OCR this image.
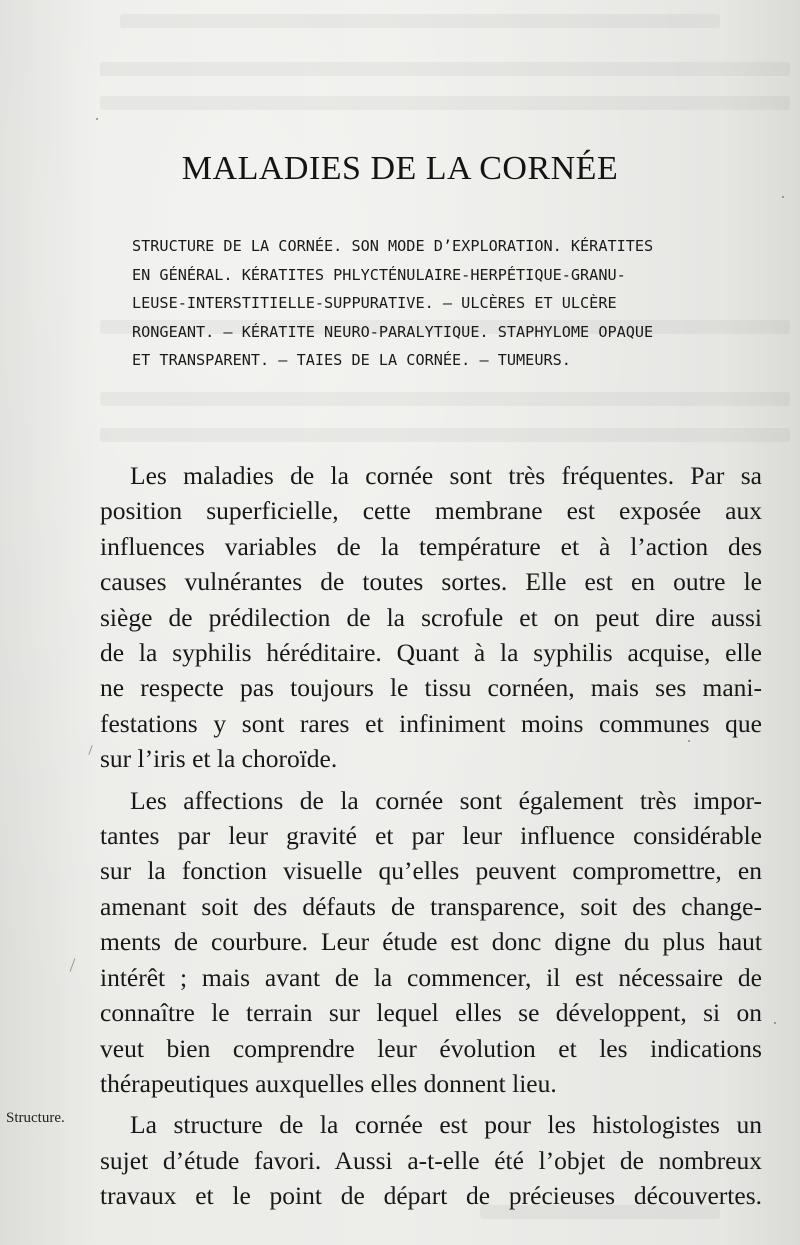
MALADIES DE LA CORNÉE
STRUCTURE DE LA CORNÉE. SON MODE D’EXPLORATION. KÉRATITES
EN GÉNÉRAL. KÉRATITES PHLYCTÉNULAIRE-HERPÉTIQUE-GRANU-
LEUSE-INTERSTITIELLE-SUPPURATIVE. — ULCÈRES ET ULCÈRE
RONGEANT. — KÉRATITE NEURO-PARALYTIQUE. STAPHYLOME OPAQUE
ET TRANSPARENT. — TAIES DE LA CORNÉE. — TUMEURS.
Les maladies de la cornée sont très fréquentes. Par sa
position superficielle, cette membrane est exposée aux
influences variables de la température et à l’action des
causes vulnérantes de toutes sortes. Elle est en outre le
siège de prédilection de la scrofule et on peut dire aussi
de la syphilis héréditaire. Quant à la syphilis acquise, elle
ne respecte pas toujours le tissu cornéen, mais ses mani-
festations y sont rares et infiniment moins communes que
sur l’iris et la choroïde.
Les affections de la cornée sont également très impor-
tantes par leur gravité et par leur influence considérable
sur la fonction visuelle qu’elles peuvent compromettre, en
amenant soit des défauts de transparence, soit des change-
ments de courbure. Leur étude est donc digne du plus haut
intérêt ; mais avant de la commencer, il est nécessaire de
connaître le terrain sur lequel elles se développent, si on
veut bien comprendre leur évolution et les indications
thérapeutiques auxquelles elles donnent lieu.
La structure de la cornée est pour les histologistes un
sujet d’étude favori. Aussi a-t-elle été l’objet de nombreux
travaux et le point de départ de précieuses découvertes.
Structure.
